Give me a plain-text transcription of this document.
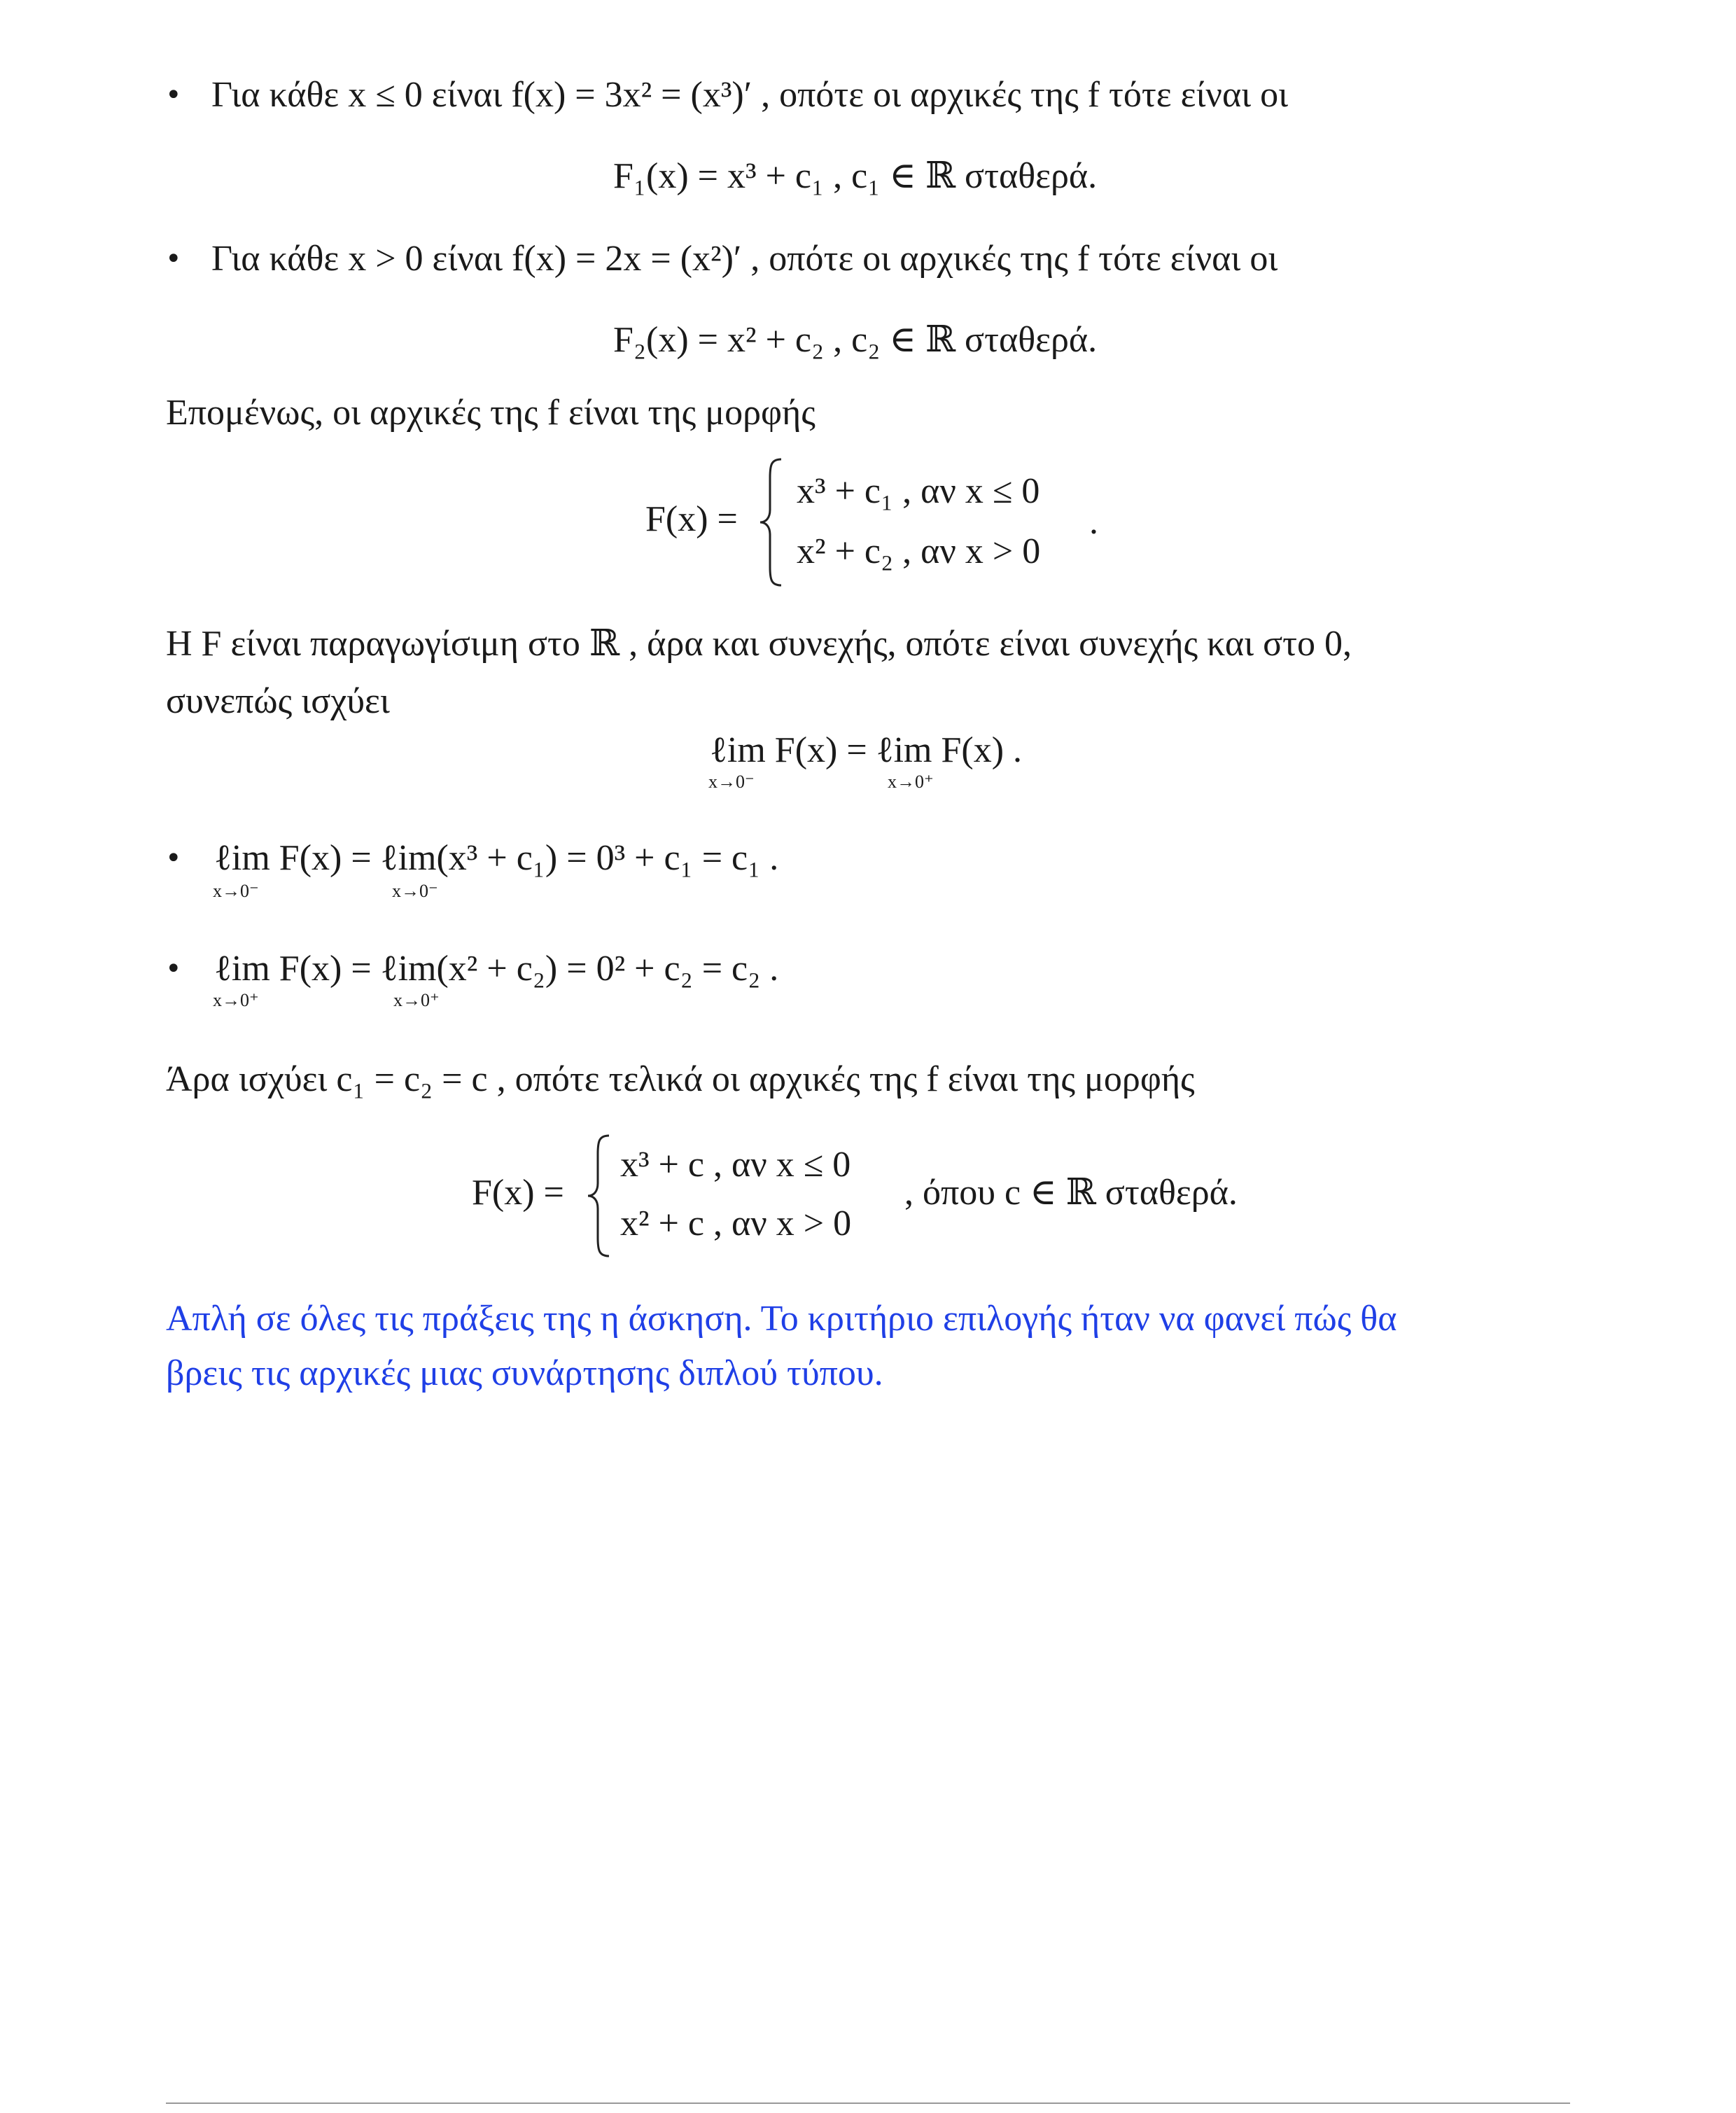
• Για κάθε x ≤ 0 είναι f(x) = 3x² = (x³)′ , οπότε οι αρχικές της f τότε είναι οι
F₁(x) = x³ + c₁ , c₁ ∈ ℝ σταθερά.
• Για κάθε x > 0 είναι f(x) = 2x = (x²)′ , οπότε οι αρχικές της f τότε είναι οι
F₂(x) = x² + c₂ , c₂ ∈ ℝ σταθερά.
Επομένως, οι αρχικές της f είναι της μορφής
F(x) =
x³ + c₁ , αν x ≤ 0
x² + c₂ , αν x > 0
.
Η F είναι παραγωγίσιμη στο ℝ , άρα και συνεχής, οπότε είναι συνεχής και στο 0,
συνεπώς ισχύει
ℓim F(x) = ℓim F(x) .
x→0⁻	x→0⁺
• ℓim F(x) = ℓim(x³ + c₁) = 0³ + c₁ = c₁ .
x→0⁻	x→0⁻
• ℓim F(x) = ℓim(x² + c₂) = 0² + c₂ = c₂ .
x→0⁺	x→0⁺
Άρα ισχύει c₁ = c₂ = c , οπότε τελικά οι αρχικές της f είναι της μορφής
F(x) =
x³ + c , αν x ≤ 0
x² + c , αν x > 0
, όπου c ∈ ℝ σταθερά.
Απλή σε όλες τις πράξεις της η άσκηση. Το κριτήριο επιλογής ήταν να φανεί πώς θα
βρεις τις αρχικές μιας συνάρτησης διπλού τύπου.
